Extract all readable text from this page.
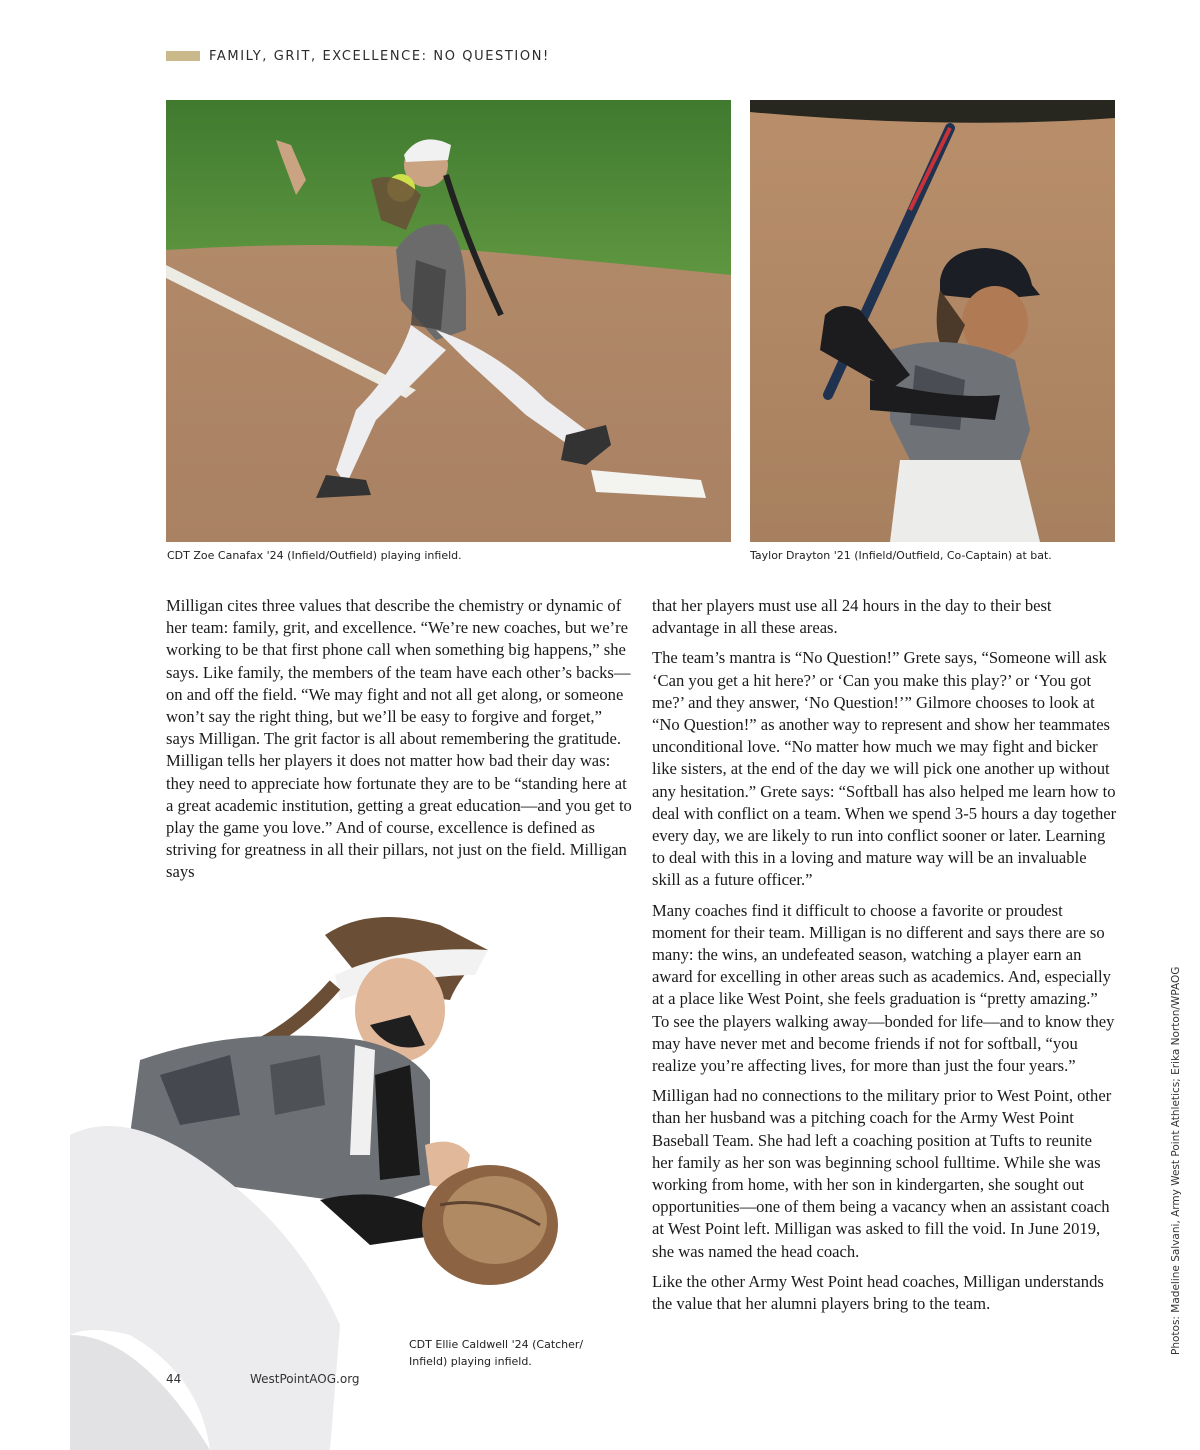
FAMILY, GRIT, EXCELLENCE: NO QUESTION!
CDT Zoe Canafax '24 (Infield/Outfield) playing infield.	Taylor Drayton '21 (Infield/Outfield, Co-Captain) at bat.

Milligan cites three values that describe the chemistry or dynamic of her team: family, grit, and excellence. “We’re new coaches, but we’re working to be that first phone call when something big happens,” she says. Like family, the members of the team have each other’s backs—on and off the field. “We may fight and not all get along, or someone won’t say the right thing, but we’ll be easy to forgive and forget,” says Milligan. The grit factor is all about remembering the gratitude. Milligan tells her players it does not matter how bad their day was: they need to appreciate how fortunate they are to be “standing here at a great academic institution, getting a great education—and you get to play the game you love.” And of course, excellence is defined as striving for greatness in all their pillars, not just on the field. Milligan says

CDT Ellie Caldwell '24 (Catcher/
Infield) playing infield.

that her players must use all 24 hours in the day to their best advantage in all these areas.

The team’s mantra is “No Question!” Grete says, “Someone will ask ‘Can you get a hit here?’ or ‘Can you make this play?’ or ‘You got me?’ and they answer, ‘No Question!’” Gilmore chooses to look at “No Question!” as another way to represent and show her teammates unconditional love. “No matter how much we may fight and bicker like sisters, at the end of the day we will pick one another up without any hesitation.” Grete says: “Softball has also helped me learn how to deal with conflict on a team. When we spend 3-5 hours a day together every day, we are likely to run into conflict sooner or later. Learning to deal with this in a loving and mature way will be an invaluable skill as a future officer.”

Many coaches find it difficult to choose a favorite or proudest moment for their team. Milligan is no different and says there are so many: the wins, an undefeated season, watching a player earn an award for excelling in other areas such as academics. And, especially at a place like West Point, she feels graduation is “pretty amazing.” To see the players walking away—bonded for life—and to know they may have never met and become friends if not for softball, “you realize you’re affecting lives, for more than just the four years.”

Milligan had no connections to the military prior to West Point, other than her husband was a pitching coach for the Army West Point Baseball Team. She had left a coaching position at Tufts to reunite her family as her son was beginning school fulltime. While she was working from home, with her son in kindergarten, she sought out opportunities—one of them being a vacancy when an assistant coach at West Point left. Milligan was asked to fill the void. In June 2019, she was named the head coach.

Like the other Army West Point head coaches, Milligan understands the value that her alumni players bring to the team.	Photos: Madeline Salvani, Army West Point Athletics; Erika Norton/WPAOG
44	WestPointAOG.org
